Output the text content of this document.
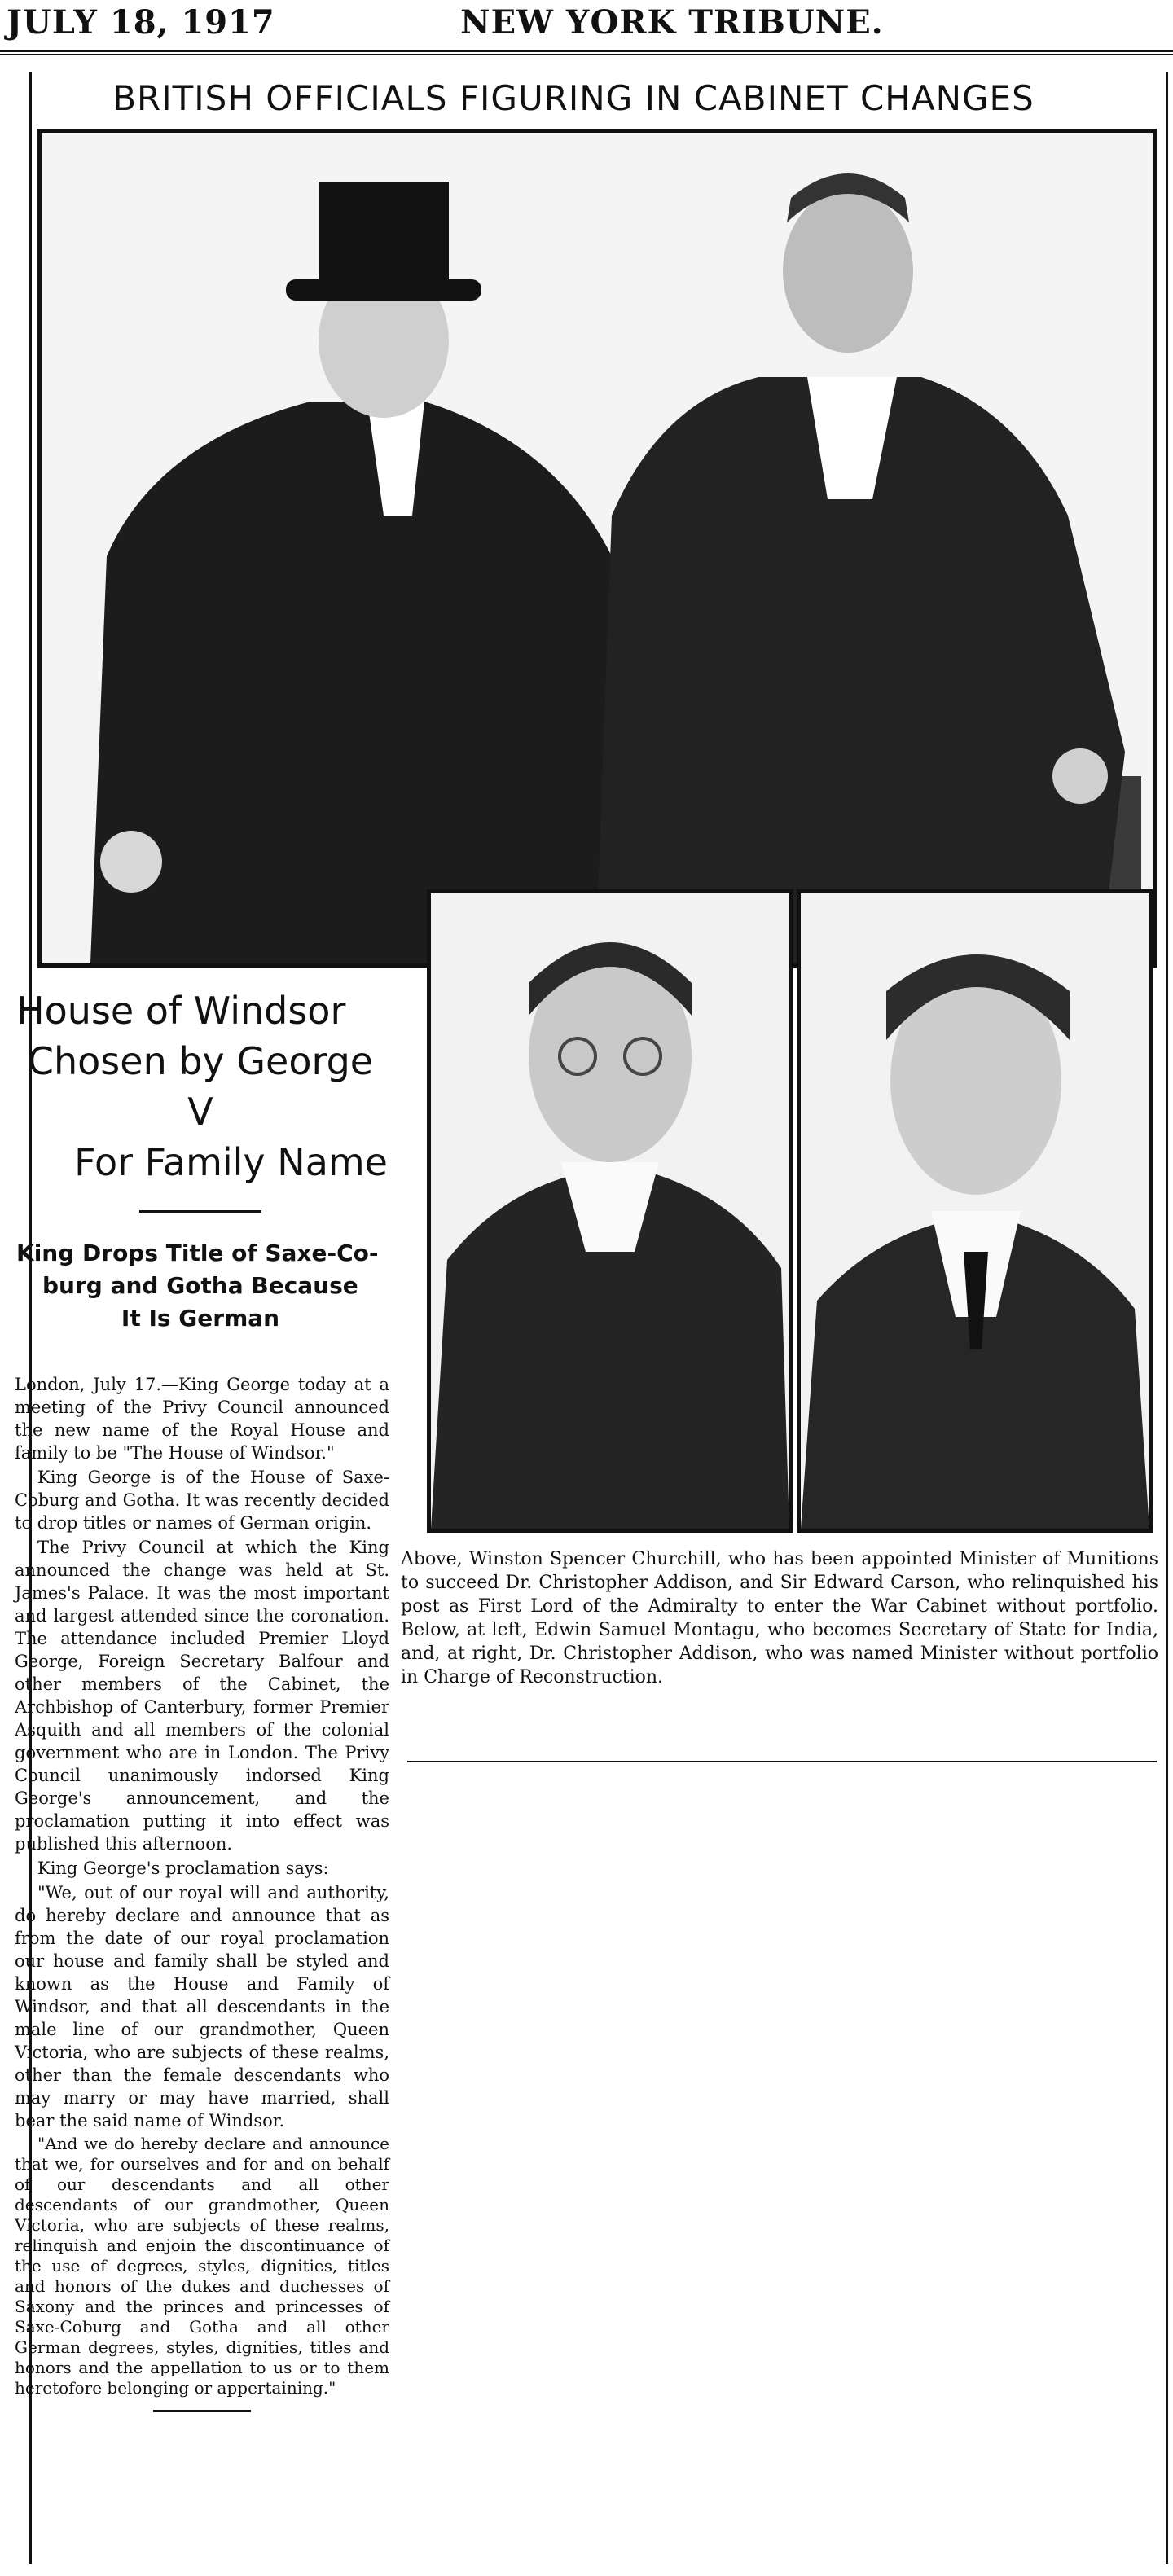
JULY 18, 1917	NEW YORK TRIBUNE.
BRITISH OFFICIALS FIGURING IN CABINET CHANGES
House of Windsor
Chosen by George V
For Family Name
King Drops Title of Saxe-Co-
burg and Gotha Because
It Is German

London, July 17.—King George today at a meeting of the Privy Council announced the new name of the Royal House and family to be "The House of Windsor."

King George is of the House of Saxe-Coburg and Gotha. It was recently decided to drop titles or names of German origin.

The Privy Council at which the King announced the change was held at St. James's Palace. It was the most important and largest attended since the coronation. The attendance included Premier Lloyd George, Foreign Secretary Balfour and other members of the Cabinet, the Archbishop of Canterbury, former Premier Asquith and all members of the colonial government who are in London. The Privy Council unanimously indorsed King George's announcement, and the proclamation putting it into effect was published this afternoon.

King George's proclamation says:

"We, out of our royal will and authority, do hereby declare and announce that as from the date of our royal proclamation our house and family shall be styled and known as the House and Family of Windsor, and that all descendants in the male line of our grandmother, Queen Victoria, who are subjects of these realms, other than the female descendants who may marry or may have married, shall bear the said name of Windsor.

"And we do hereby declare and announce that we, for ourselves and for and on behalf of our descendants and all other descendants of our grandmother, Queen Victoria, who are subjects of these realms, relinquish and enjoin the discontinuance of the use of degrees, styles, dignities, titles and honors of the dukes and duchesses of Saxony and the princes and princesses of Saxe-Coburg and Gotha and all other German degrees, styles, dignities, titles and honors and the appellation to us or to them heretofore belonging or appertaining."

Above, Winston Spencer Churchill, who has been appointed Minister of Munitions to succeed Dr. Christopher Addison, and Sir Edward Carson, who relinquished his post as First Lord of the Admiralty to enter the War Cabinet without portfolio. Below, at left, Edwin Samuel Montagu, who becomes Secretary of State for India, and, at right, Dr. Christopher Addison, who was named Minister without portfolio in Charge of Reconstruction.
